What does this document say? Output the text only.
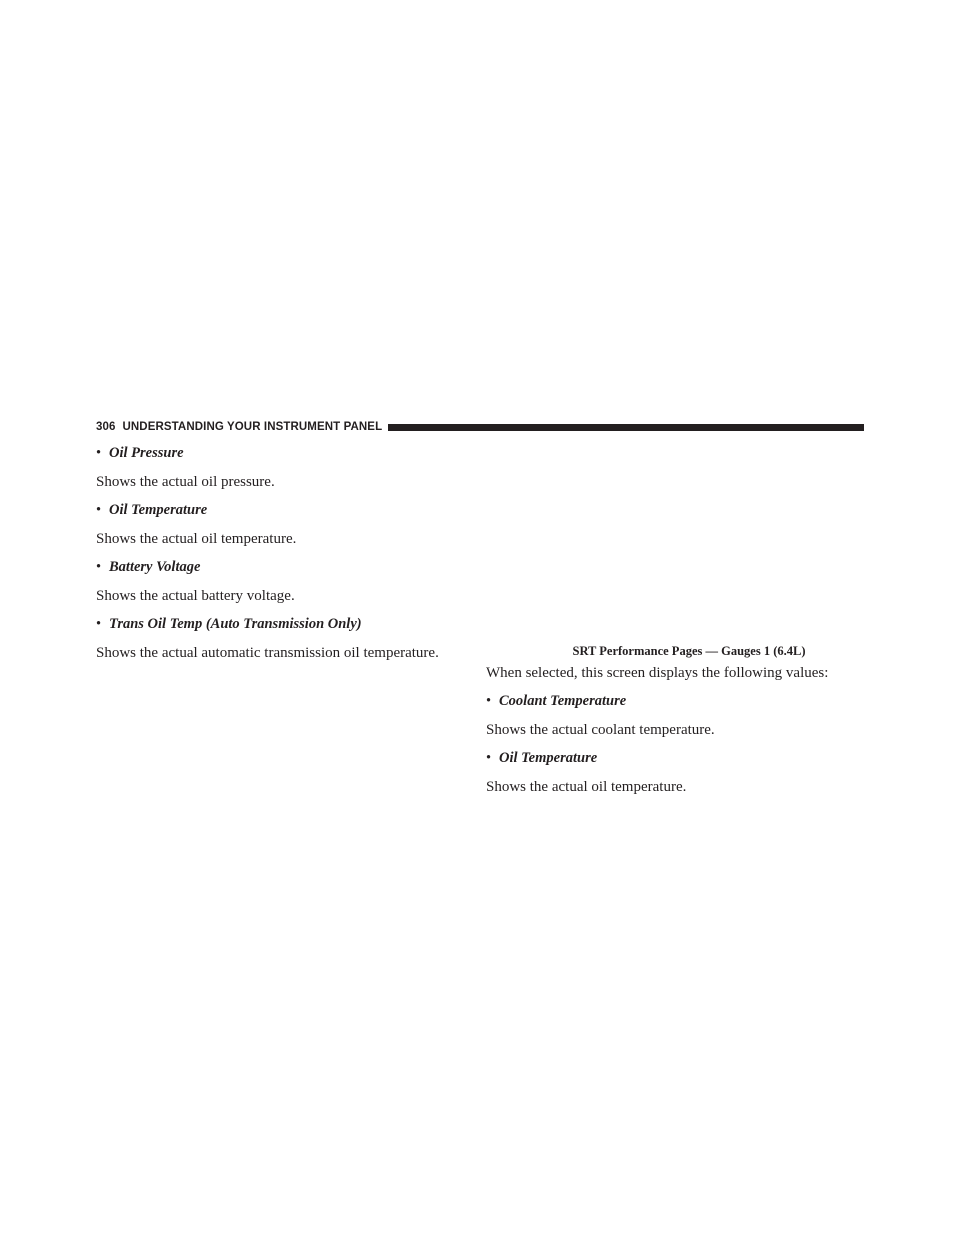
306 UNDERSTANDING YOUR INSTRUMENT PANEL

• Oil Pressure

Shows the actual oil pressure.

• Oil Temperature

Shows the actual oil temperature.

• Battery Voltage

Shows the actual battery voltage.

• Trans Oil Temp (Auto Transmission Only)

Shows the actual automatic transmission oil temperature.	SRT Performance Pages — Gauges 1 (6.4L)

When selected, this screen displays the following values:

• Coolant Temperature

Shows the actual coolant temperature.

• Oil Temperature

Shows the actual oil temperature.
